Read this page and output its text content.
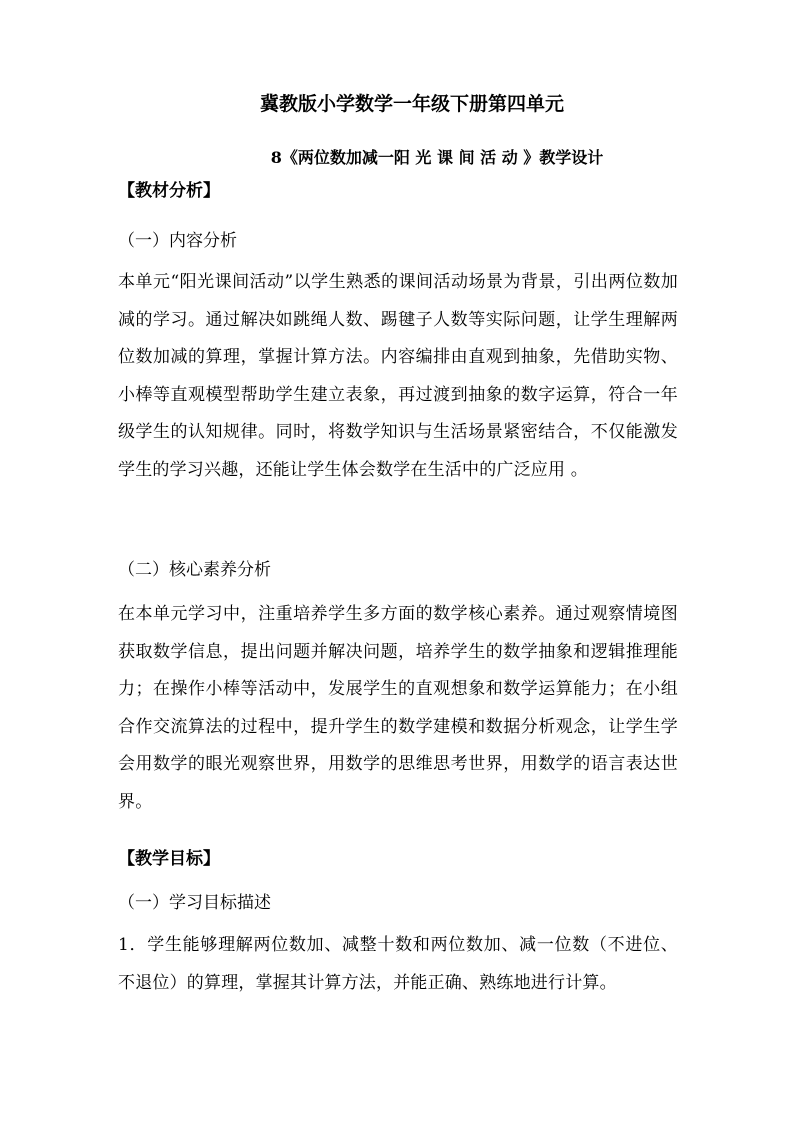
冀教版小学数学一年级下册第四单元
8《两位数加减一阳 光 课 间 活 动 》教学设计
【教材分析】
（一）内容分析
本单元“阳光课间活动”以学生熟悉的课间活动场景为背景，引出两位数加减的学习。通过解决如跳绳人数、踢毽子人数等实际问题，让学生理解两位数加减的算理，掌握计算方法。内容编排由直观到抽象，先借助实物、小棒等直观模型帮助学生建立表象，再过渡到抽象的数字运算，符合一年级学生的认知规律。同时，将数学知识与生活场景紧密结合，不仅能激发学生的学习兴趣，还能让学生体会数学在生活中的广泛应用 。
（二）核心素养分析
在本单元学习中，注重培养学生多方面的数学核心素养。通过观察情境图获取数学信息，提出问题并解决问题，培养学生的数学抽象和逻辑推理能力；在操作小棒等活动中，发展学生的直观想象和数学运算能力；在小组合作交流算法的过程中，提升学生的数学建模和数据分析观念，让学生学会用数学的眼光观察世界，用数学的思维思考世界，用数学的语言表达世界。
【教学目标】
（一）学习目标描述
1．学生能够理解两位数加、减整十数和两位数加、减一位数（不进位、不退位）的算理，掌握其计算方法，并能正确、熟练地进行计算。
